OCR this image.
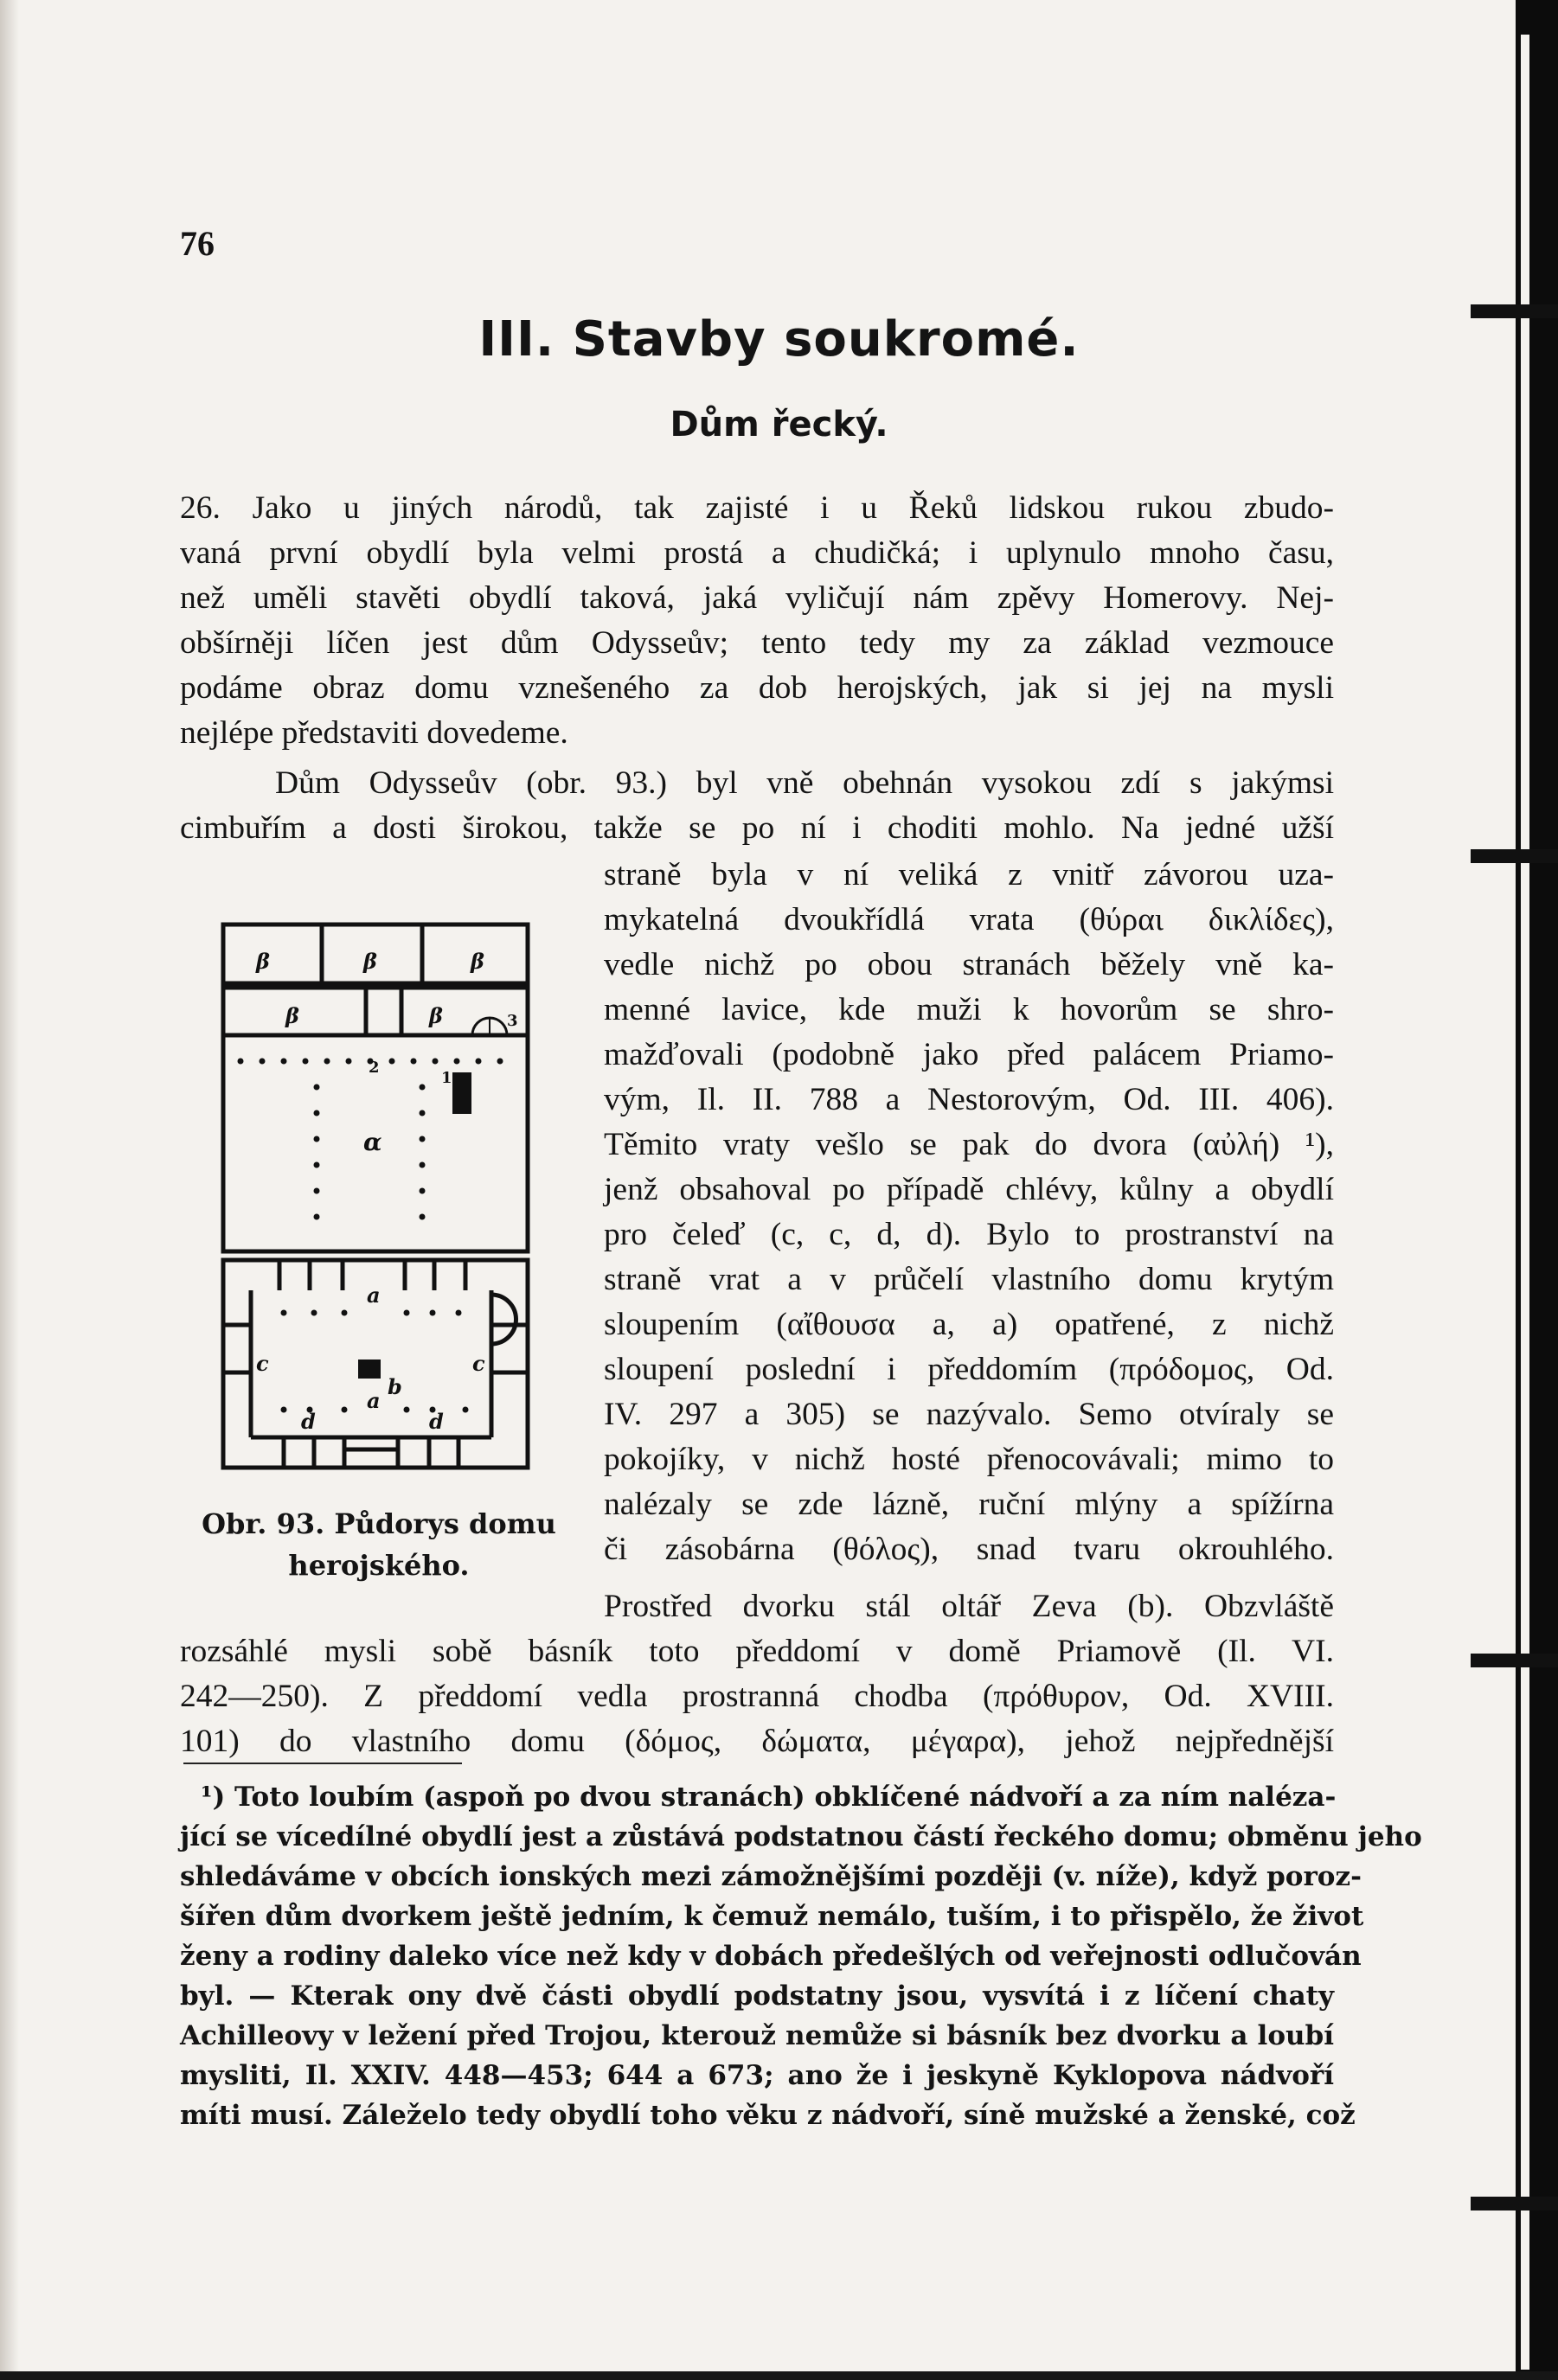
76
III. Stavby soukromé.
Dům řecký.
26. Jako u jiných národů, tak zajisté i u Řeků lidskou rukou zbudo-
vaná první obydlí byla velmi prostá a chudičká; i uplynulo mnoho času,
než uměli stavěti obydlí taková, jaká vyličují nám zpěvy Homerovy. Nej-
obšírněji líčen jest dům Odysseův; tento tedy my za základ vezmouce
podáme obraz domu vznešeného za dob herojských, jak si jej na mysli
nejlépe představiti dovedeme.
Dům Odysseův (obr. 93.) byl vně obehnán vysokou zdí s jakýmsi
cimbuřím a dosti širokou, takže se po ní i choditi mohlo. Na jedné užší
straně byla v ní veliká z vnitř závorou uza-
mykatelná dvoukřídlá vrata (θύραι δικλίδες),
vedle nichž po obou stranách běžely vně ka-
menné lavice, kde muži k hovorům se shro-
mažďovali (podobně jako před palácem Priamo-
vým, Il. II. 788 a Nestorovým, Od. III. 406).
Těmito vraty vešlo se pak do dvora (αὐλή) ¹),
jenž obsahoval po případě chlévy, kůlny a obydlí
pro čeleď (c, c, d, d). Bylo to prostranství na
straně vrat a v průčelí vlastního domu krytým
sloupením (αἴθουσα a, a) opatřené, z nichž
sloupení poslední i předdomím (πρόδομος, Od.
IV. 297 a 305) se nazývalo. Semo otvíraly se
pokojíky, v nichž hosté přenocovávali; mimo to
nalézaly se zde lázně, ruční mlýny a spížírna
či zásobárna (θόλος), snad tvaru okrouhlého.
Prostřed dvorku stál oltář Zeva (b). Obzvláště
rozsáhlé mysli sobě básník toto předdomí v domě Priamově (Il. VI.
242—250). Z předdomí vedla prostranná chodba (πρόθυρον, Od. XVIII.
101) do vlastního domu (δόμος, δώματα, μέγαρα), jehož nejpřednější
β	β	β
β	β
α
a
b
c	c
a
d	d
1
2
3
Obr. 93. Půdorys domu
herojského.
¹) Toto loubím (aspoň po dvou stranách) obklíčené nádvoří a za ním naléza-
jící se vícedílné obydlí jest a zůstává podstatnou částí řeckého domu; obměnu jeho
shledáváme v obcích ionských mezi zámožnějšími později (v. níže), když poroz-
šířen dům dvorkem ještě jedním, k čemuž nemálo, tuším, i to přispělo, že život
ženy a rodiny daleko více než kdy v dobách předešlých od veřejnosti odlučován
byl. — Kterak ony dvě části obydlí podstatny jsou, vysvítá i z líčení chaty
Achilleovy v ležení před Trojou, kterouž nemůže si básník bez dvorku a loubí
mysliti, Il. XXIV. 448—453; 644 a 673; ano že i jeskyně Kyklopova nádvoří
míti musí. Záleželo tedy obydlí toho věku z nádvoří, síně mužské a ženské, což
